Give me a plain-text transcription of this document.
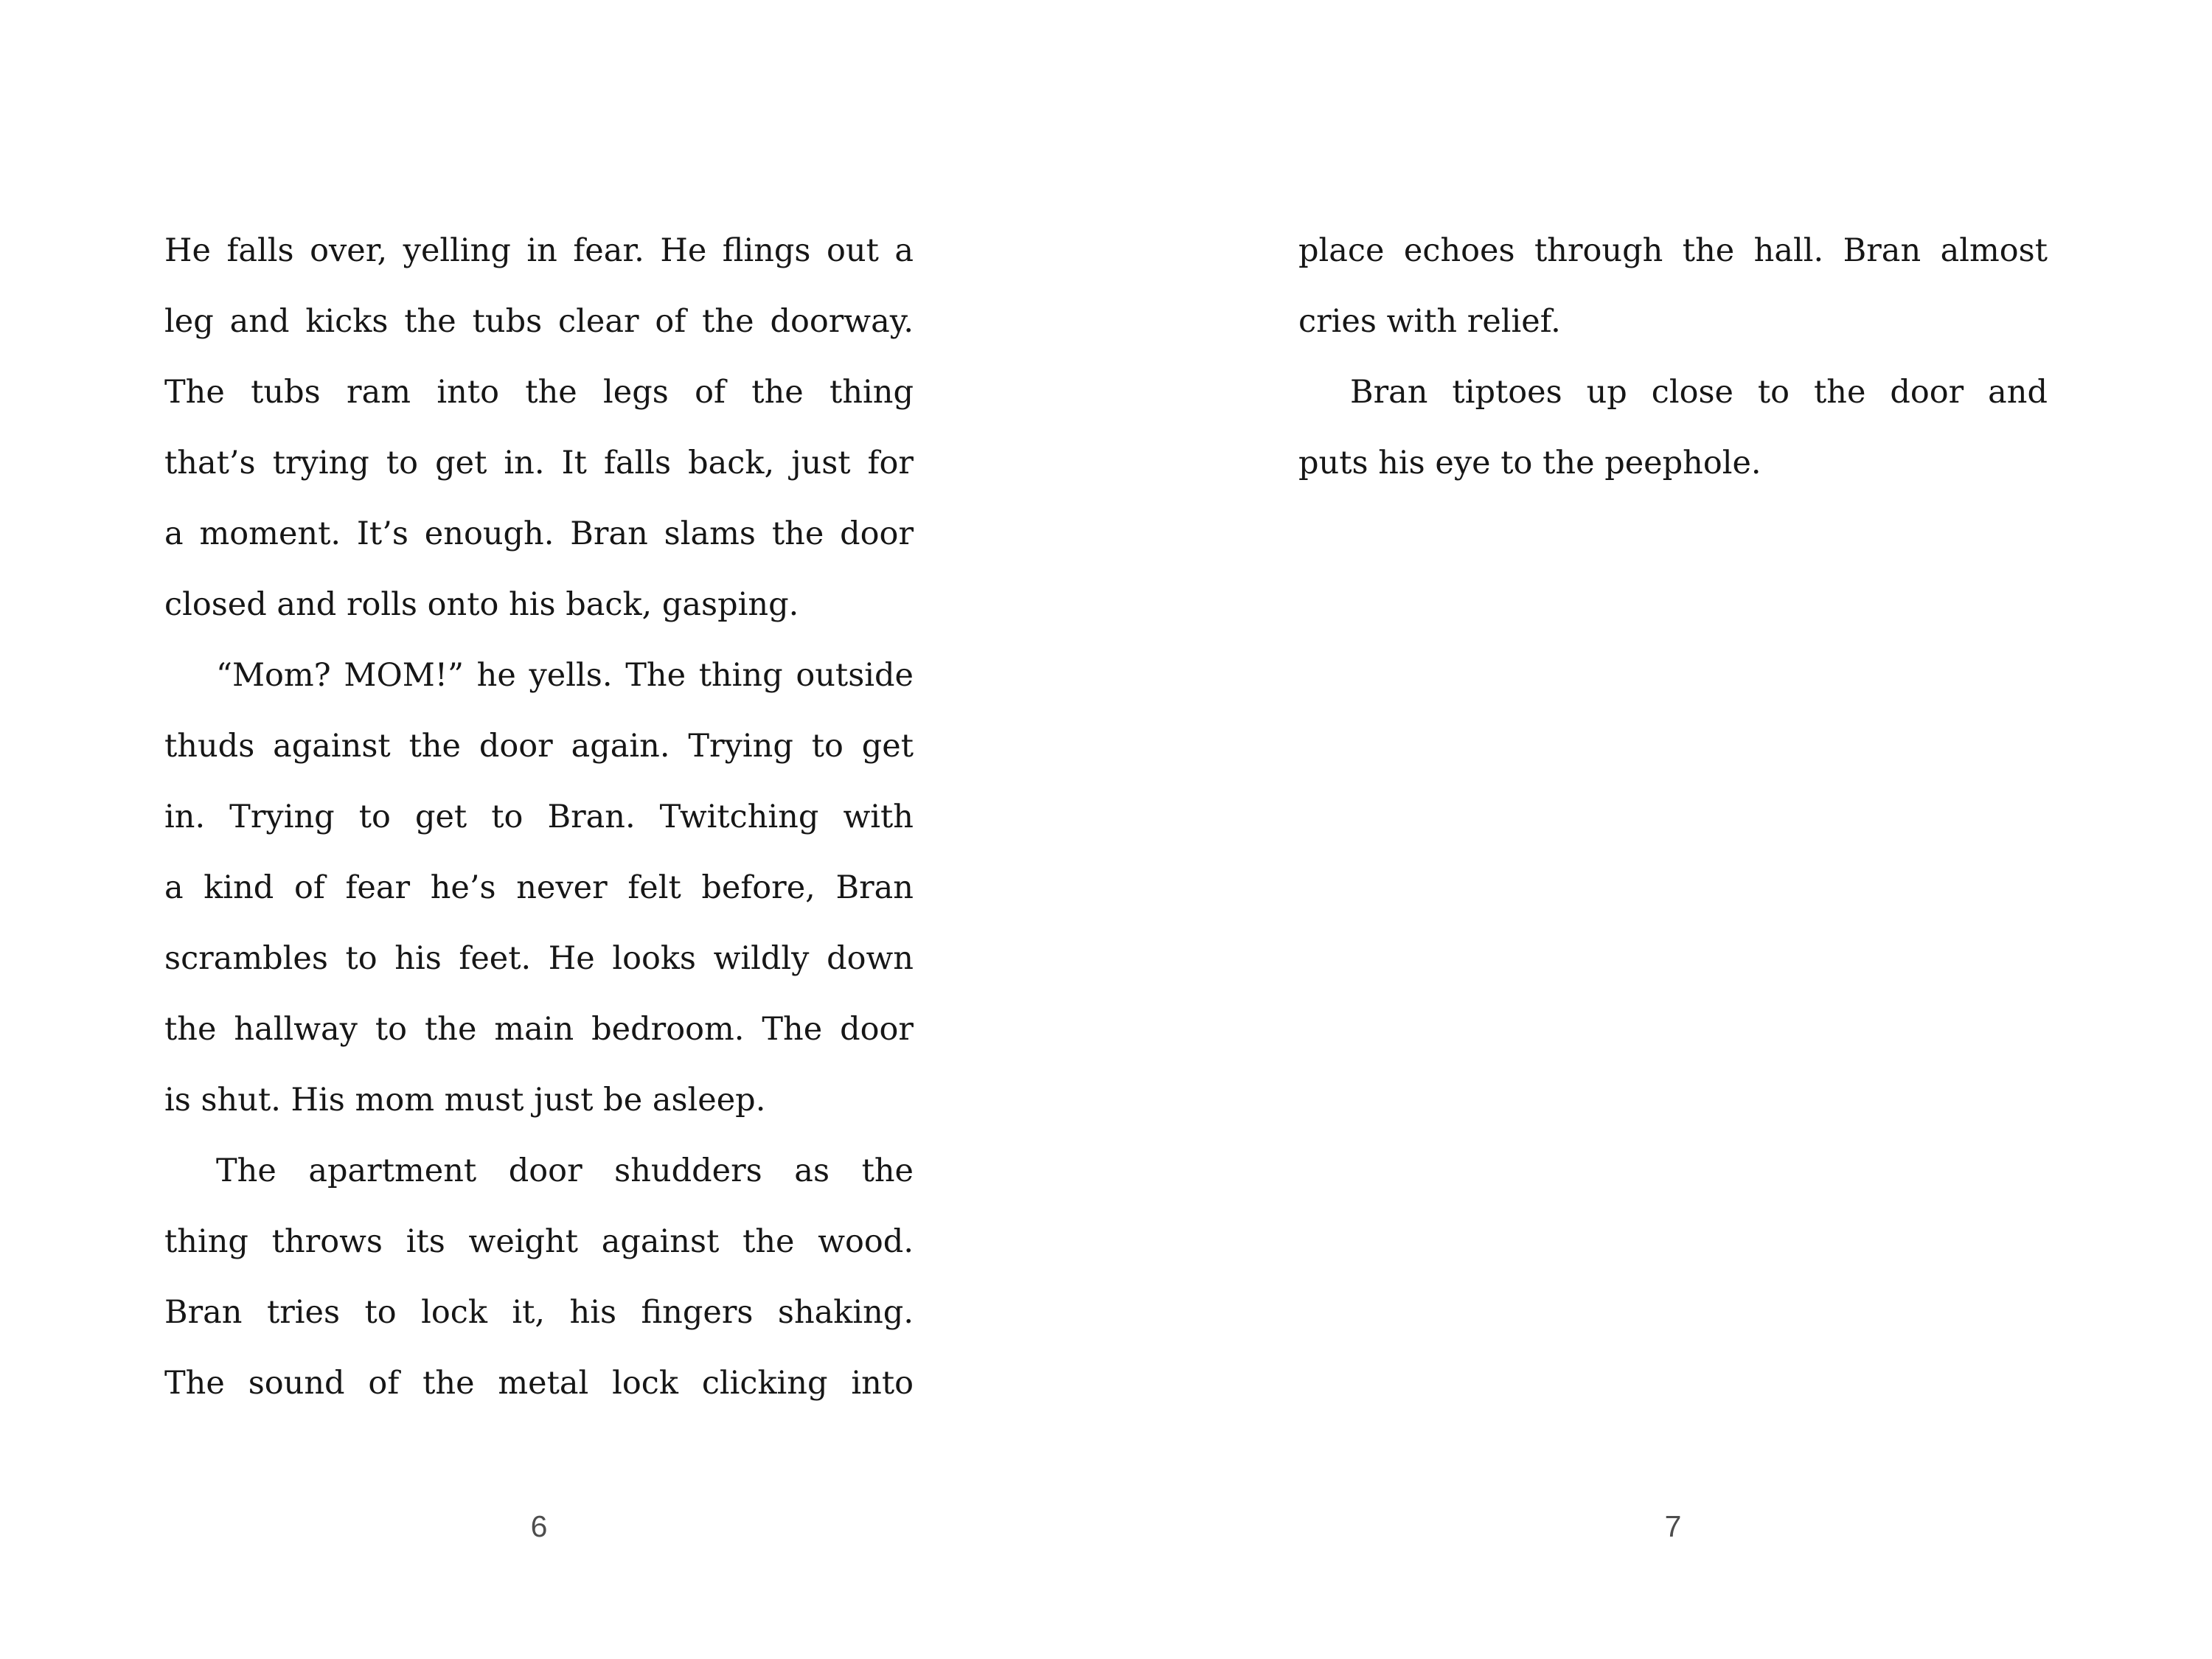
He falls over, yelling in fear. He flings out a
leg and kicks the tubs clear of the doorway.
The tubs ram into the legs of the thing
that’s trying to get in. It falls back, just for
a moment. It’s enough. Bran slams the door
closed and rolls onto his back, gasping.
“Mom? MOM!” he yells. The thing outside
thuds against the door again. Trying to get
in. Trying to get to Bran. Twitching with
a kind of fear he’s never felt before, Bran
scrambles to his feet. He looks wildly down
the hallway to the main bedroom. The door
is shut. His mom must just be asleep.
The apartment door shudders as the
thing throws its weight against the wood.
Bran tries to lock it, his fingers shaking.
The sound of the metal lock clicking into
place echoes through the hall. Bran almost
cries with relief.
Bran tiptoes up close to the door and
puts his eye to the peephole.
6	7
